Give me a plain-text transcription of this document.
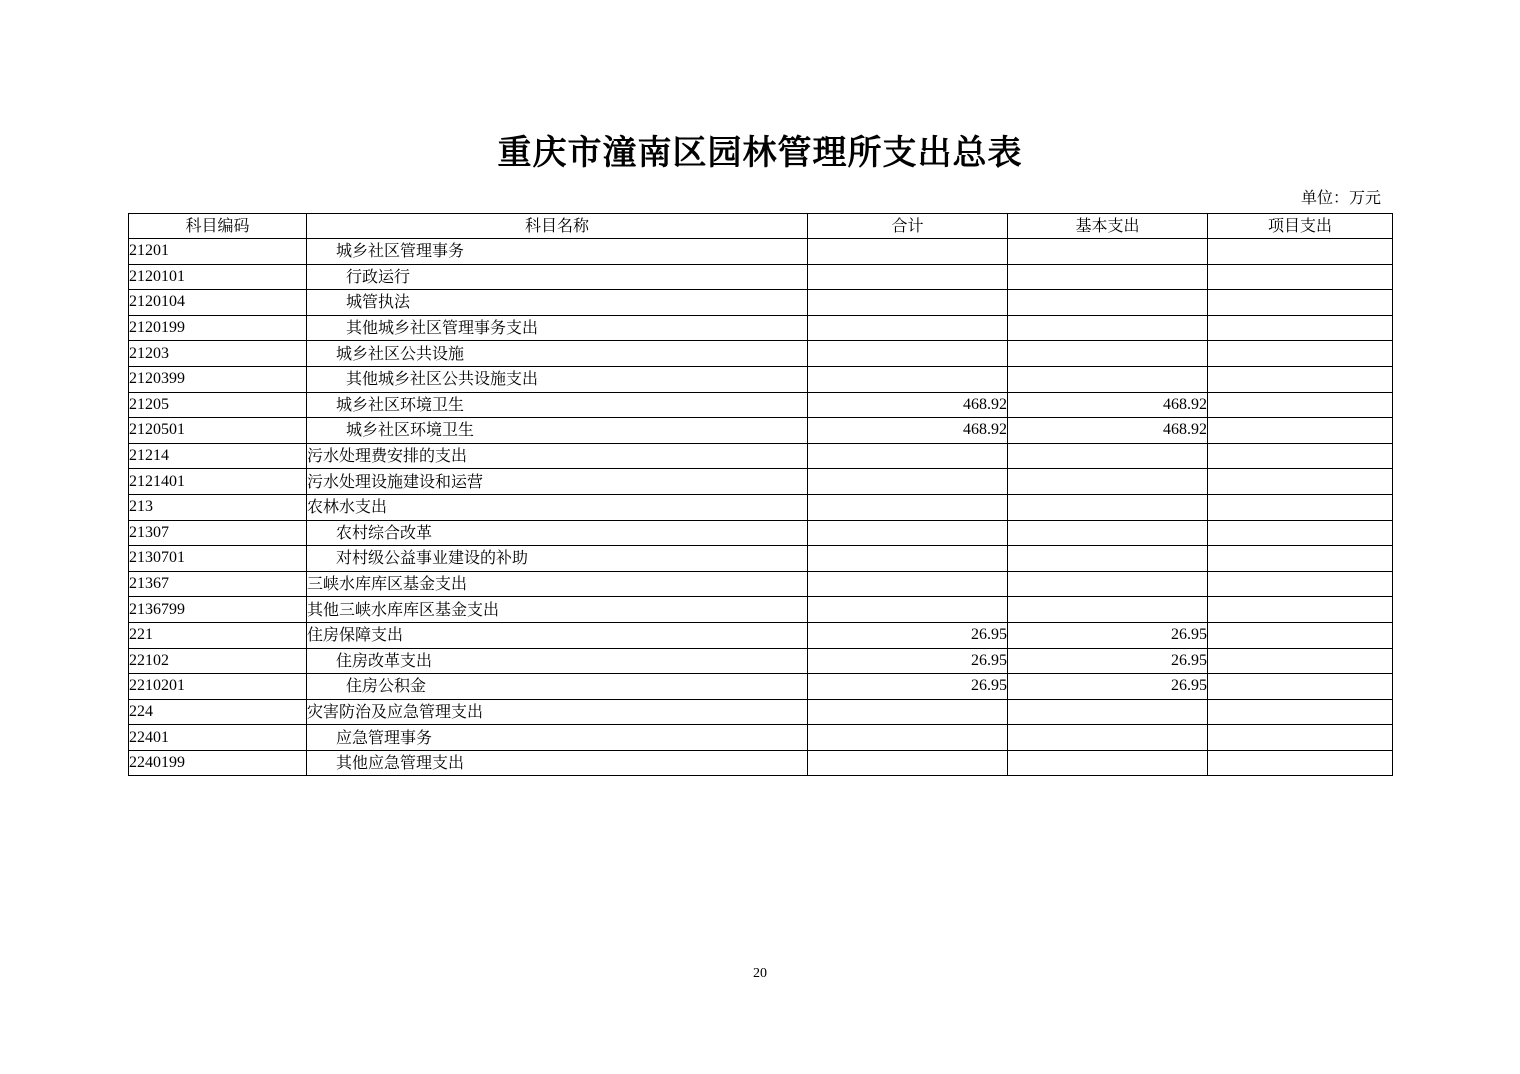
重庆市潼南区园林管理所支出总表
单位：万元
科目编码	科目名称	合计	基本支出	项目支出
21201	城乡社区管理事务			
2120101	行政运行			
2120104	城管执法			
2120199	其他城乡社区管理事务支出			
21203	城乡社区公共设施			
2120399	其他城乡社区公共设施支出			
21205	城乡社区环境卫生	468.92	468.92	
2120501	城乡社区环境卫生	468.92	468.92	
21214	污水处理费安排的支出			
2121401	污水处理设施建设和运营			
213	农林水支出			
21307	农村综合改革			
2130701	对村级公益事业建设的补助			
21367	三峡水库库区基金支出			
2136799	其他三峡水库库区基金支出			
221	住房保障支出	26.95	26.95	
22102	住房改革支出	26.95	26.95	
2210201	住房公积金	26.95	26.95	
224	灾害防治及应急管理支出			
22401	应急管理事务			
2240199	其他应急管理支出			
20
